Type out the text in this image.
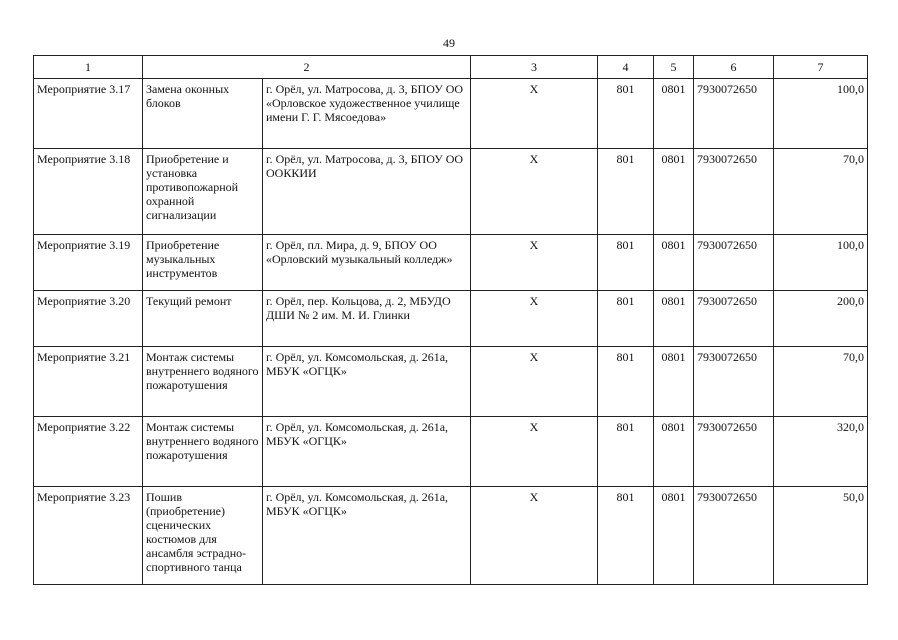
49
1	2		3	4	5	6	7
Мероприятие 3.17	Замена оконных блоков	г. Орёл, ул. Матросова, д. 3, БПОУ ОО «Орловское художественное училище имени Г. Г. Мясоедова»	Х	801	0801	7930072650	100,0
Мероприятие 3.18	Приобретение и установка противопожарной охранной сигнализации	г. Орёл, ул. Матросова, д. 3, БПОУ ОО ООККИИ	Х	801	0801	7930072650	70,0
Мероприятие 3.19	Приобретение музыкальных инструментов	г. Орёл, пл. Мира, д. 9, БПОУ ОО «Орловский музыкальный колледж»	Х	801	0801	7930072650	100,0
Мероприятие 3.20	Текущий ремонт	г. Орёл, пер. Кольцова, д. 2, МБУДО ДШИ № 2 им. М. И. Глинки	Х	801	0801	7930072650	200,0
Мероприятие 3.21	Монтаж системы внутреннего водяного пожаротушения	г. Орёл, ул. Комсомольская, д. 261а, МБУК «ОГЦК»	Х	801	0801	7930072650	70,0
Мероприятие 3.22	Монтаж системы внутреннего водяного пожаротушения	г. Орёл, ул. Комсомольская, д. 261а, МБУК «ОГЦК»	Х	801	0801	7930072650	320,0
Мероприятие 3.23	Пошив (приобретение) сценических костюмов для ансамбля эстрадно-спортивного танца	г. Орёл, ул. Комсомольская, д. 261а, МБУК «ОГЦК»	Х	801	0801	7930072650	50,0
